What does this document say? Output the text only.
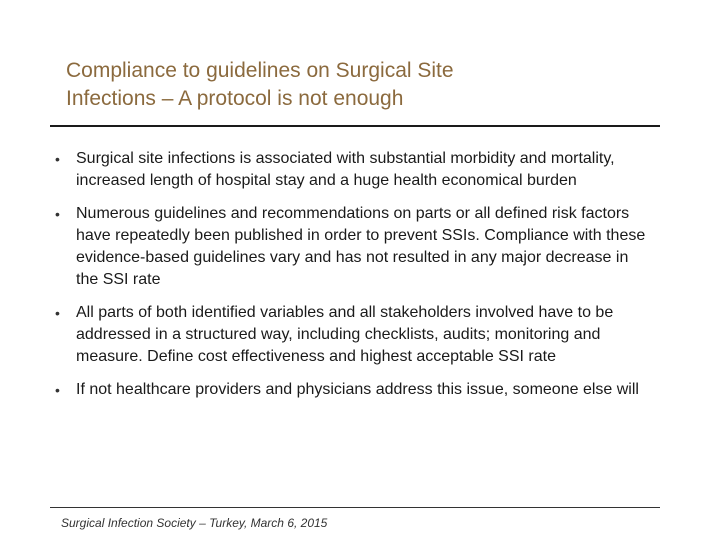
Compliance to guidelines on Surgical Site
Infections – A protocol is not enough
•	Surgical site infections is associated with substantial morbidity and mortality, increased length of hospital stay and a huge health economical burden
•	Numerous guidelines and recommendations on parts or all defined risk factors have repeatedly been published in order to prevent SSIs. Compliance with these evidence-based guidelines vary and has not resulted in any major decrease in the SSI rate
•	All parts of both identified variables and all stakeholders involved have to be addressed in a structured way, including checklists, audits; monitoring and measure. Define cost effectiveness and highest acceptable SSI rate
•	If not healthcare providers and physicians address this issue, someone else will
Surgical Infection Society – Turkey, March 6, 2015
